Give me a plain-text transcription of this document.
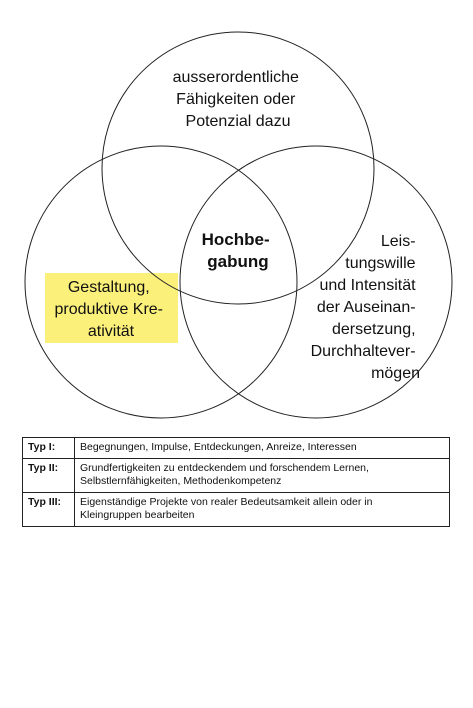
ausserordentliche Fähigkeiten oder Potenzial dazu
Hochbe- gabung
Leis- tungswille und Intensität der Auseinan- dersetzung, Durchhaltever- mögen
Gestaltung, produktive Kre- ativität
Typ I:	Begegnungen, Impulse, Entdeckungen, Anreize, Interessen

Typ II:	Grundfertigkeiten zu entdeckendem und forschendem Lernen,
Selbstlernfähigkeiten, Methodenkompetenz

Typ III:	Eigenständige Projekte von realer Bedeutsamkeit allein oder in
Kleingruppen bearbeiten
